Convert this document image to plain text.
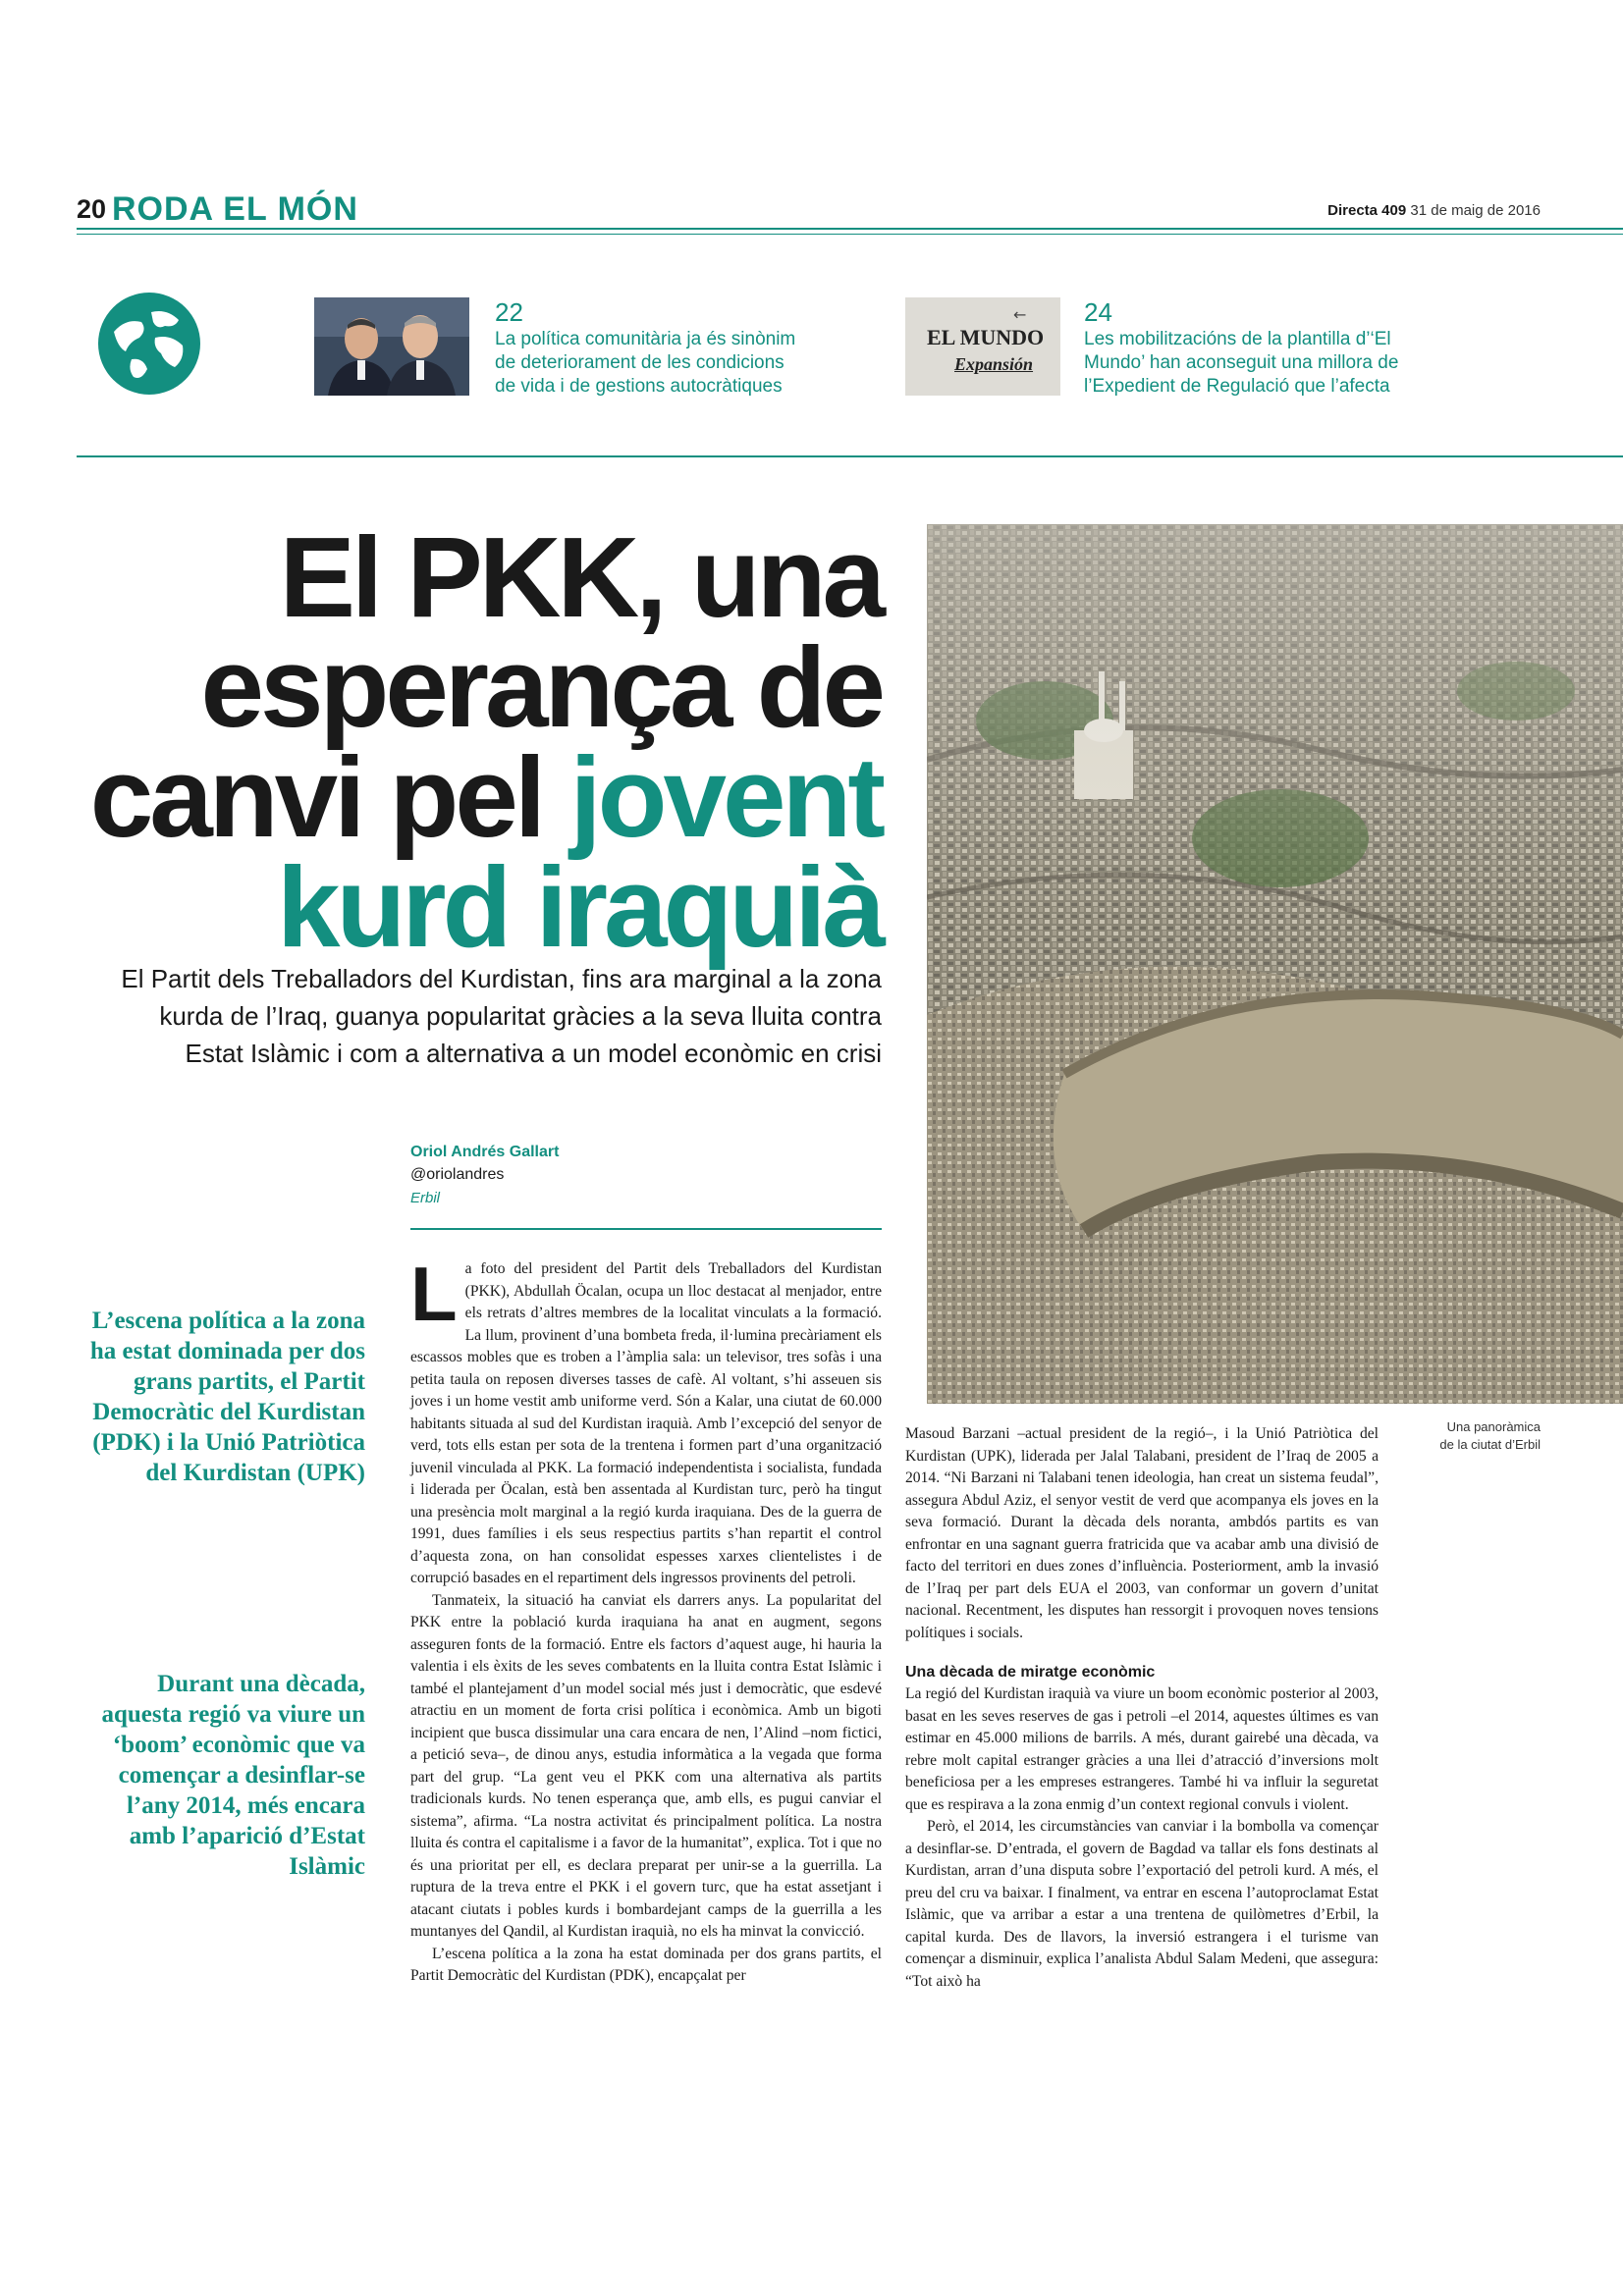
20 RODA EL MÓN	Directa 409 31 de maig de 2016
22
La política comunitària ja és sinònim
de deteriorament de les condicions
de vida i de gestions autocràtiques
EL MUNDO
Expansión
← 24
Les mobilitzacións de la plantilla d’‘El
Mundo’ han aconseguit una millora de
l’Expedient de Regulació que l’afecta
El PKK, una
esperança de
canvi pel jovent
kurd iraquià
El Partit dels Treballadors del Kurdistan, fins ara marginal a la zona
kurda de l’Iraq, guanya popularitat gràcies a la seva lluita contra
Estat Islàmic i com a alternativa a un model econòmic en crisi
Oriol Andrés Gallart
@oriolandres
Erbil
L’escena política a la zona ha estat dominada per dos grans partits, el Partit Democràtic del Kurdistan (PDK) i la Unió Patriòtica del Kurdistan (UPK)
Durant una dècada, aquesta regió va viure un ‘boom’ econòmic que va començar a desinflar-se l’any 2014, més encara amb l’aparició d’Estat Islàmic
L a foto del president del Partit dels Treballadors del Kurdistan (PKK), Abdullah Öcalan, ocupa un lloc destacat al menjador, entre els retrats d’altres membres de la localitat vinculats a la formació. La llum, provinent d’una bombeta freda, il·lumina precàriament els escassos mobles que es troben a l’àmplia sala: un televisor, tres sofàs i una petita taula on reposen diverses tasses de cafè. Al voltant, s’hi asseuen sis joves i un home vestit amb uniforme verd. Són a Kalar, una ciutat de 60.000 habitants situada al sud del Kurdistan iraquià. Amb l’excepció del senyor de verd, tots ells estan per sota de la trentena i formen part d’una organització juvenil vinculada al PKK. La formació independentista i socialista, fundada i liderada per Öcalan, està ben assentada al Kurdistan turc, però ha tingut una presència molt marginal a la regió kurda iraquiana. Des de la guerra de 1991, dues famílies i els seus respectius partits s’han repartit el control d’aquesta zona, on han consolidat espesses xarxes clientelistes i de corrupció basades en el repartiment dels ingressos provinents del petroli.

Tanmateix, la situació ha canviat els darrers anys. La popularitat del PKK entre la població kurda iraquiana ha anat en augment, segons asseguren fonts de la formació. Entre els factors d’aquest auge, hi hauria la valentia i els èxits de les seves combatents en la lluita contra Estat Islàmic i també el plantejament d’un model social més just i democràtic, que esdevé atractiu en un moment de forta crisi política i econòmica. Amb un bigoti incipient que busca dissimular una cara encara de nen, l’Alind –nom fictici, a petició seva–, de dinou anys, estudia informàtica a la vegada que forma part del grup. “La gent veu el PKK com una alternativa als partits tradicionals kurds. No tenen esperança que, amb ells, es pugui canviar el sistema”, afirma. “La nostra activitat és principalment política. La nostra lluita és contra el capitalisme i a favor de la humanitat”, explica. Tot i que no és una prioritat per ell, es declara preparat per unir-se a la guerrilla. La ruptura de la treva entre el PKK i el govern turc, que ha estat assetjant i atacant ciutats i pobles kurds i bombardejant camps de la guerrilla a les muntanyes del Qandil, al Kurdistan iraquià, no els ha minvat la convicció.

L’escena política a la zona ha estat dominada per dos grans partits, el Partit Democràtic del Kurdistan (PDK), encapçalat per

Masoud Barzani –actual president de la regió–, i la Unió Patriòtica del Kurdistan (UPK), liderada per Jalal Talabani, president de l’Iraq de 2005 a 2014. “Ni Barzani ni Talabani tenen ideologia, han creat un sistema feudal”, assegura Abdul Aziz, el senyor vestit de verd que acompanya els joves en la seva formació. Durant la dècada dels noranta, ambdós partits es van enfrontar en una sagnant guerra fratricida que va acabar amb una divisió de facto del territori en dues zones d’influència. Posteriorment, amb la invasió de l’Iraq per part dels EUA el 2003, van conformar un govern d’unitat nacional. Recentment, les disputes han ressorgit i provoquen noves tensions polítiques i socials.

Una dècada de miratge econòmic

La regió del Kurdistan iraquià va viure un boom econòmic posterior al 2003, basat en les seves reserves de gas i petroli –el 2014, aquestes últimes es van estimar en 45.000 milions de barrils. A més, durant gairebé una dècada, va rebre molt capital estranger gràcies a una llei d’atracció d’inversions molt beneficiosa per a les empreses estrangeres. També hi va influir la seguretat que es respirava a la zona enmig d’un context regional convuls i violent.

Però, el 2014, les circumstàncies van canviar i la bombolla va començar a desinflar-se. D’entrada, el govern de Bagdad va tallar els fons destinats al Kurdistan, arran d’una disputa sobre l’exportació del petroli kurd. A més, el preu del cru va baixar. I finalment, va entrar en escena l’autoproclamat Estat Islàmic, que va arribar a estar a una trentena de quilòmetres d’Erbil, la capital kurda. Des de llavors, la inversió estrangera i el turisme van començar a disminuir, explica l’analista Abdul Salam Medeni, que assegura: “Tot això ha

Una panoràmica
de la ciutat d’Erbil
